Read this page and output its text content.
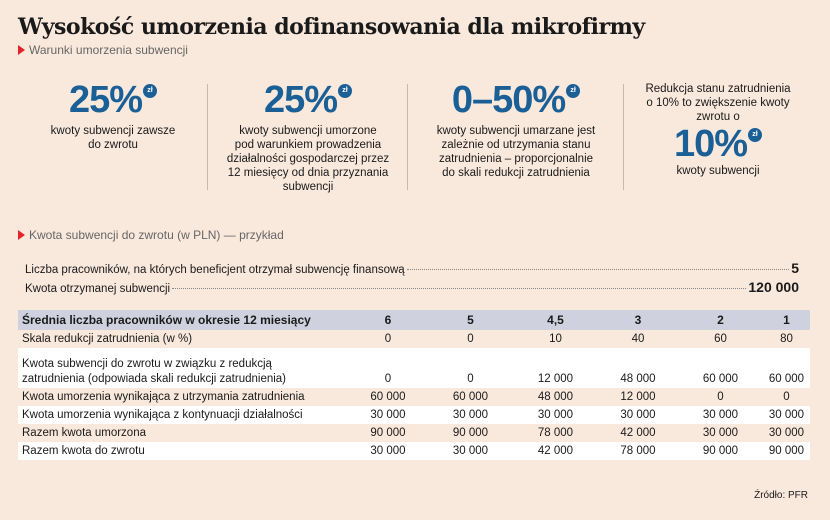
Wysokość umorzenia dofinansowania dla mikrofirmy
Warunki umorzenia subwencji
25% zł
kwoty subwencji zawsze
do zwrotu
25% zł
kwoty subwencji umorzone
pod warunkiem prowadzenia
działalności gospodarczej przez
12 miesięcy od dnia przyznania
subwencji
0–50% zł
kwoty subwencji umarzane jest
zależnie od utrzymania stanu
zatrudnienia – proporcjonalnie
do skali redukcji zatrudnienia
Redukcja stanu zatrudnienia
o 10% to zwiększenie kwoty
zwrotu o
10% zł
kwoty subwencji
Kwota subwencji do zwrotu (w PLN) — przykład
Liczba pracowników, na których beneficjent otrzymał subwencję finansową	5
Kwota otrzymanej subwencji	120 000
Średnia liczba pracowników w okresie 12 miesiący	6	5	4,5	3	2	1
Skala redukcji zatrudnienia (w %)	0	0	10	40	60	80
Kwota subwencji do zwrotu w związku z redukcją						
zatrudnienia (odpowiada skali redukcji zatrudnienia)	0	0	12 000	48 000	60 000	60 000
Kwota umorzenia wynikająca z utrzymania zatrudnienia	60 000	60 000	48 000	12 000	0	0
Kwota umorzenia wynikająca z kontynuacji działalności	30 000	30 000	30 000	30 000	30 000	30 000
Razem kwota umorzona	90 000	90 000	78 000	42 000	30 000	30 000
Razem kwota do zwrotu	30 000	30 000	42 000	78 000	90 000	90 000
Źródło: PFR
